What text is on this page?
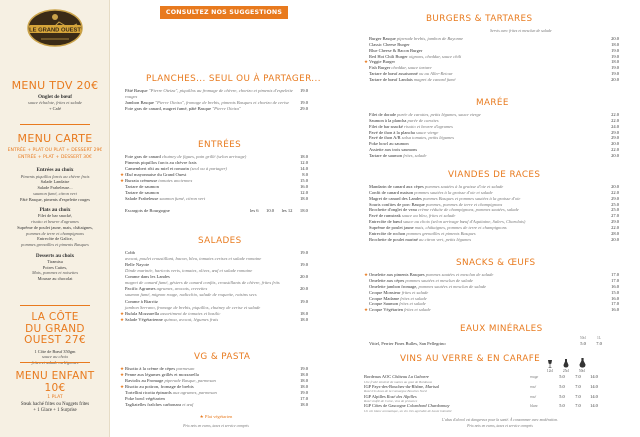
LE GRAND OUEST
MENU TDV 20€
Onglet de bœuf
sauce échalote, frites et salade
+ Café
MENU CARTE
ENTRÉE + PLAT OU PLAT + DESSERT 29€
ENTRÉE + PLAT + DESSERT 30€
Entrées au choix
Piments piquillos farcis au chèvre frais
Salade Landaise
Salade Frabeleuse...
saumon fumé, citron vert
Pâté Basque, piments d'espelette rouges
Plats au choix
Filet de bar snacké,
risotto et beurre d'agrumes
Suprême de poulet jaune, mais, châtaignes,
pommes de terre et champignons
Entrecôte de Galice,
pommes grenailles et piments Basques
Desserts au choix
Tiramisu
Poires Cuites,
Mais, pommes et noisettes
Mousse au chocolat
LA CÔTE
DU GRAND OUEST 27€
1 Côte de Bœuf 350gm
sauce au choix
frites et salade ou légumes
MENU ENFANT 10€
1 PLAT
Steak haché frites ou Nuggets frites
+ 1 Glace + 1 Surprise
CONSULTEZ NOS SUGGESTIONS DU MOMENT
PLANCHES... SEUL OU À PARTAGER...
Pâté Basque "Pierre Oteiza", piquillos au fromage de chèvre, chorizo et piments d'espelette rouges
19.0
Jambon Basque "Pierre Oteiza", fromage de brebis, piments Basques et chorizo de cerise	19.0
Foie gras de canard, magret fumé, pâté Basque "Pierre Oteiza"	29.0
ENTRÉES
Foie gras de canard chutney de figues, pain grillé (selon arrivage)	18.0
Piments piquillos farcis au chèvre frais	12.0
Camembert rôti au miel et romarin (seul ou à partager)	14.0
★ Œuf mayonnaise du Grand Ouest	8.0
★ Burrata crémeuse tomates anciennes	15.0
Tartare de saumon	16.0
Tartare de saumon	12.0
Salade Frabeleuse saumon fumé, citron vert	18.0
Escargots de Bourgogne	les 6 10.0 les 12 18.0
SALADES
Cobb	19.0
avocat, poulet croustillant, bacon, bleu, tomates cerises et salade romaine
Belle Nayote	19.0
Dinde marinée, haricots verts, tomates, olives, œuf et salade romaine
Comme dans les Landes	20.0
magret de canard fumé, gésiers de canard confits, croustillants de chèvre, frites frits
Pacific Agrumes agrumes, avocats, crevettes	20.0
saumon fumé, mignon rouge, radicchio, salade de roquette, raisins secs
Comme à Biarritz	19.0
jambon Serrano, fromage de brebis, piquillos, chutney de cerise et salade
★ Bufala Mozzarella assortiment de tomates et basilic	18.0
★ Salade Végétarienne quinoa, avocat, légumes frais	18.0
VG & PASTA
★ Risotto à la crème de cèpes parmesan	19.0
★ Penne aux légumes grillés et mozzarella	18.0
Raviolis au Fromage piperade Basque, parmesan	18.0
★ Risotto au potiron, fromage de brebis	18.0
Tortellini ricotta épinards aux agrumes, parmesan	19.0
Poke bowl végétarien	17.0
Tagliatelles fraîches carbonara et œuf	18.0
★ Plat végétarien
Prix nets en euros, taxes et service compris
BURGERS & TARTARES
Servis avec frites et mesclun de salade
Burger Basque piperade brebis, jambon de Bayonne	20.0
Classic Cheese Burger	18.0
Blue Cheese & Bacon Burger	19.0
Red Hot Chili Burger oignons, cheddar, sauce chili	19.0
★ Veggie Burger	18.0
Fish Burger cheddar, sauce tartare	19.0
Tartare de bœuf assaisonné ou au Aller-Retour	19.0
Tartare de bœuf Landais magret de canard fumé	20.0
MARÉE
Filet de dorade purée de carottes, petits légumes, sauce vierge	22.0
Saumon à la plancha purée de carottes	22.0
Filet de bar snacké risotto et beurre d'agrumes	24.0
Pavé de thon à la plancha sauce vierge	29.0
Pavé de thon A/R salsa tomates, petits légumes	29.0
Poke bowl au saumon	20.0
Assiette aux trois saumons	22.0
Tartare de saumon frites, salade	20.0
VIANDES DE RACES
Mandarin de canard aux cèpes pommes sautées à la graisse d'oie et salade	20.0
Confit de canard maison pommes sautées à la graisse d'oie et salade	22.0
Magret de canard des Landes pommes Basques et pommes sautées à la graisse d'oie	29.0
Souris confites de porc Basque pommes, pommes de terre et champignons	25.0
Brochette d'onglet de veau crème réduite de champignons, pommes sautées, salade	25.0
Pavé de rumsteak sauce au bleu, frites et salade	27.0
Entrecôte de bœuf sauce au choix (selon arrivage bœuf d'Aquitaine, Salers, Charolais)	29.0
Suprême de poulet jaune mais, châtaignes, pommes de terre et champignons	22.0
Entrecôte de rochon pommes grenailles et piments Basques	28.0
Brochette de poulet mariné au citron vert, petits légumes	20.0
SNACKS & ŒUFS
★ Omelette aux piments Basques pommes sautées et mesclun de salade	17.0
Omelette aux cèpes pommes sautées et mesclun de salade	17.0
Omelette jambon fromage, pommes sautées et mesclun de salade	16.0
Croque Monsieur frites et salade	15.0
Croque Madame frites et salade	16.0
Croque Saumon frites et salade	17.0
★ Croque Végétarien frites et salade	16.0
EAUX MINÉRALES
50cl	1L
Vittel, Perrier Fines Bulles, San Pellegrino	5.0	7.0
VINS AU VERRE & EN CARAFE
12cl	25cl	50cl
Bordeaux AOC Château La Gabarre
Une fruité minéral de nantes au gout de Bordeaux
rouge	5.0	7.0	14.0
IGP Pays-des-Bouches-du-Rhône, Marisal
Rosé très doux de la Camargue Bouches Nord
rosé	5.0	7.0	14.0
IGP Alpilles Rosé des Alpilles
Rosé vinifié de Corse, vins de provence
rosé	5.0	7.0	14.0
IGP Côtes de Gascogne Colombard Chardonnay
Un vin blanc aromatique, un vin très agréable de haute intensité
blanc	5.0	7.0	14.0
L'abus d'alcool est dangereux pour la santé. À consommer avec modération.
Prix nets en euros, taxes et service compris
